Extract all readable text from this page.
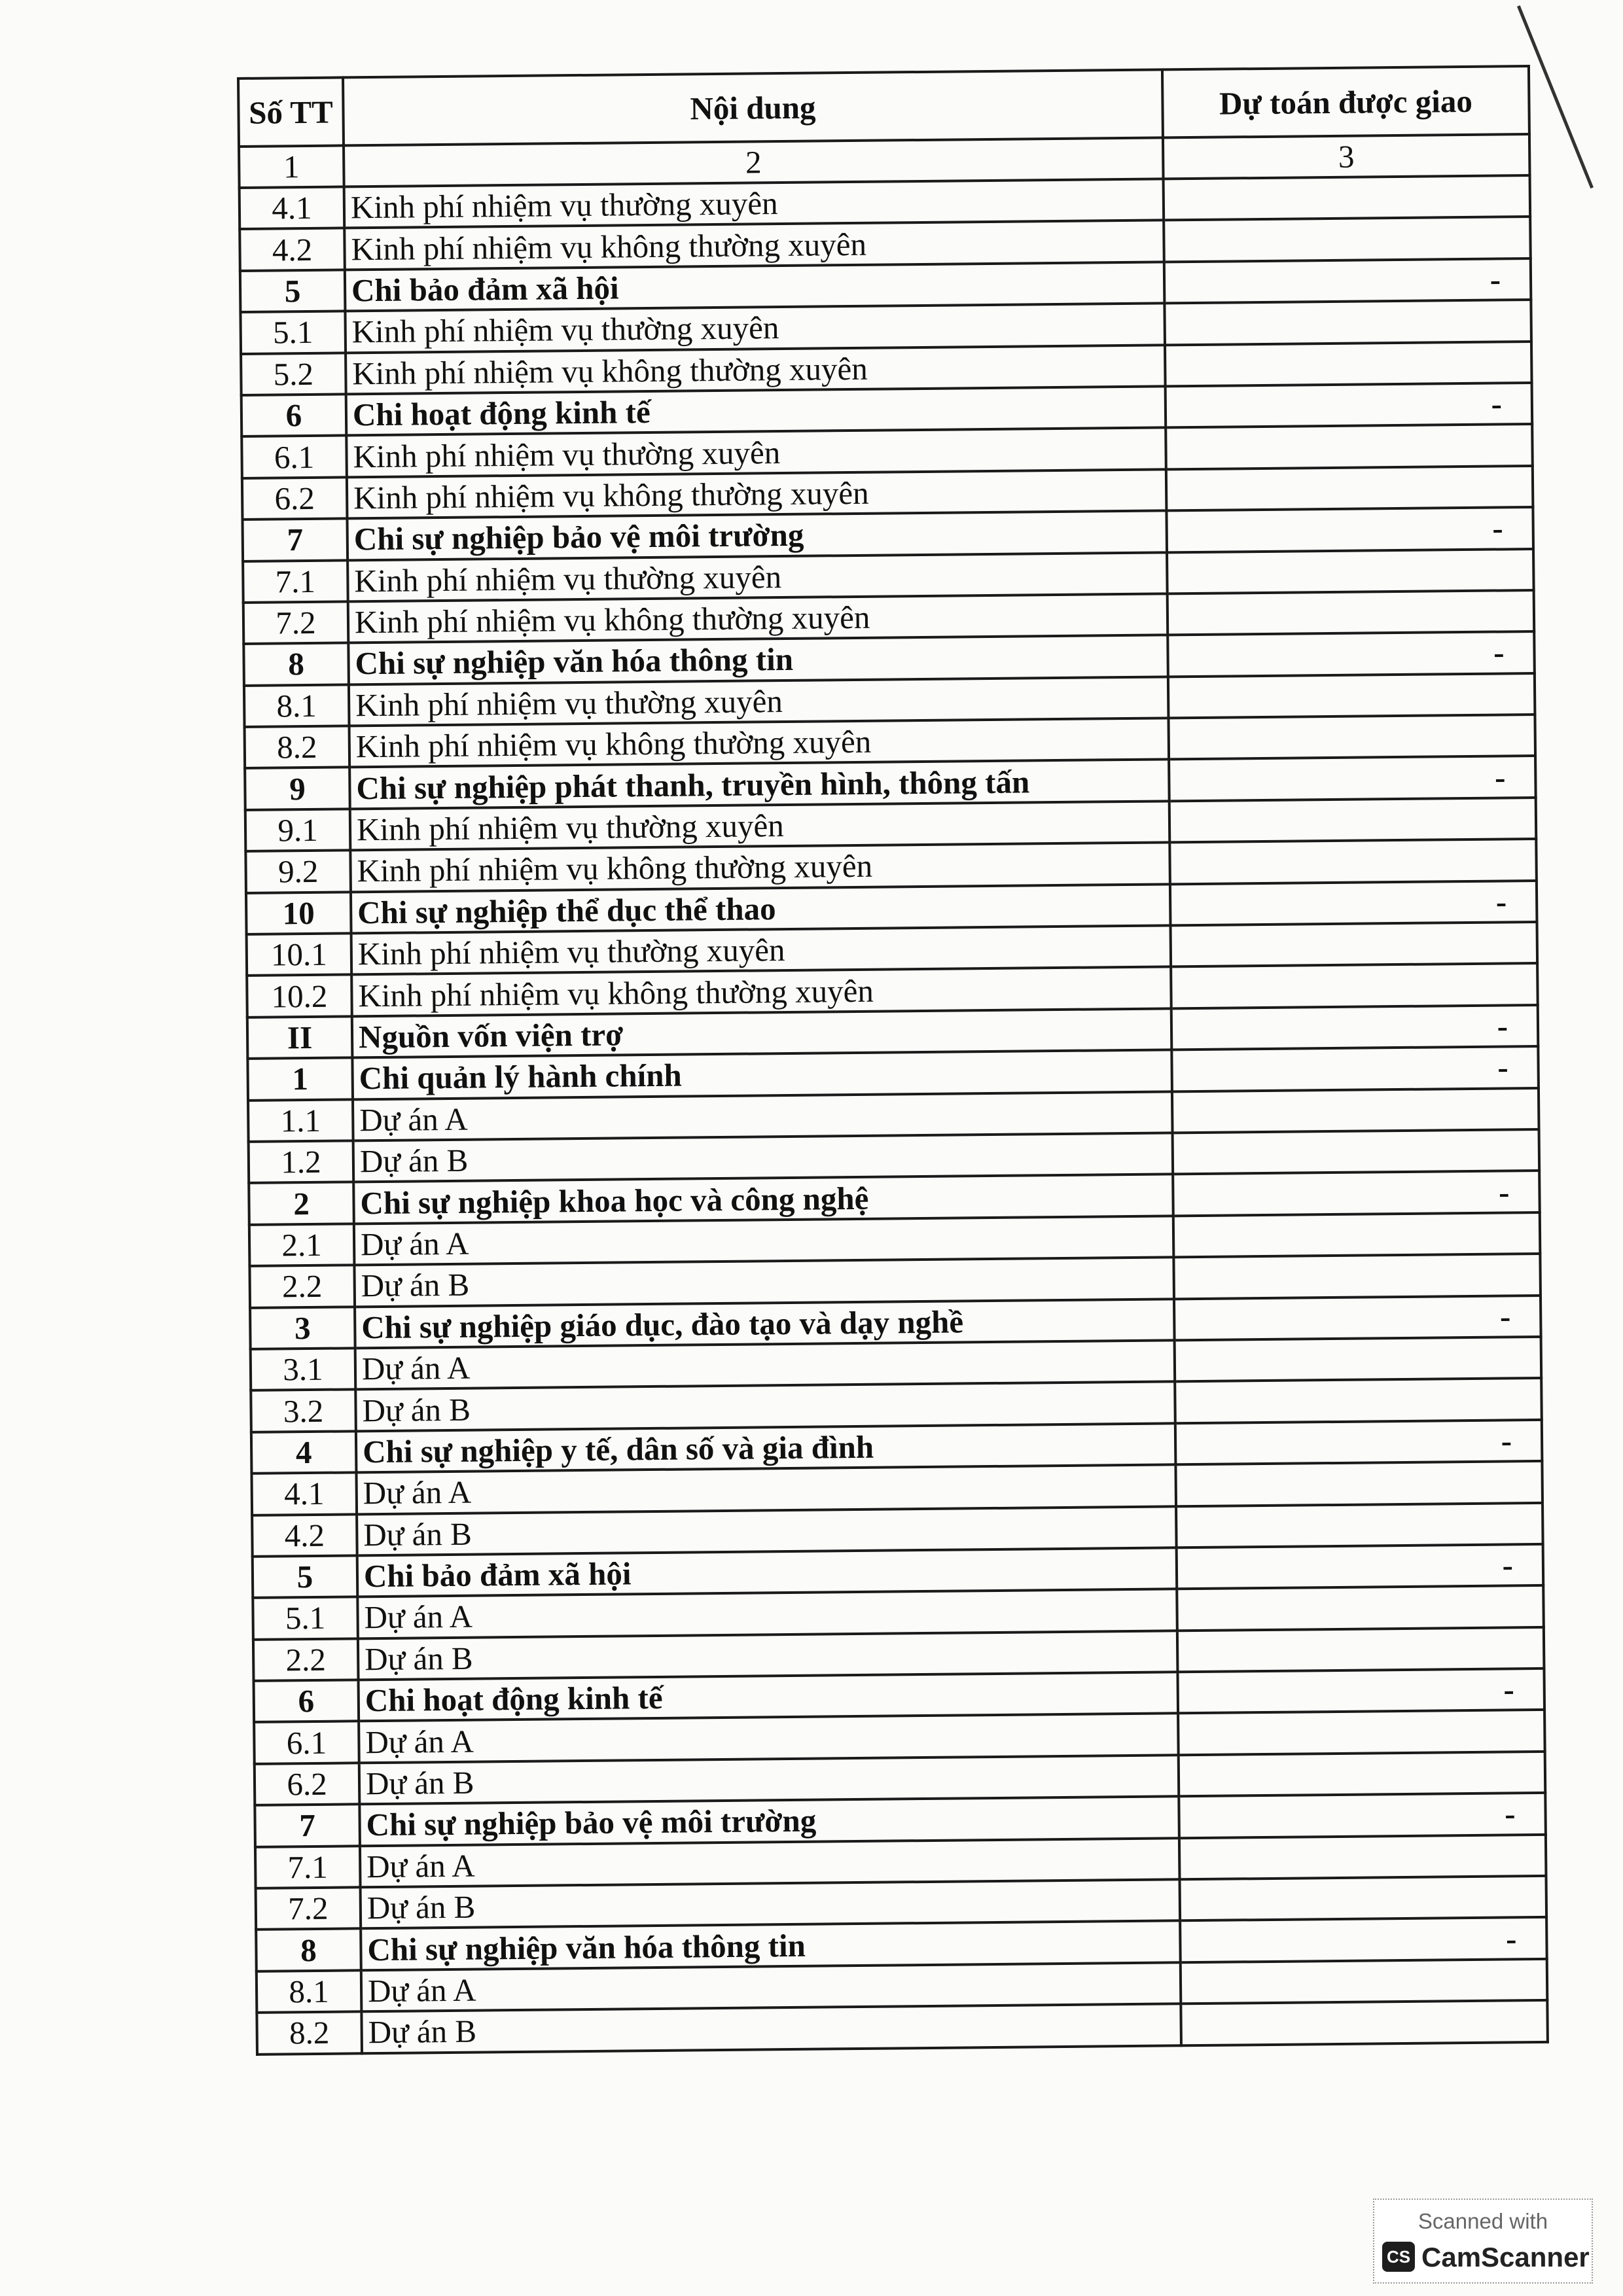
Số TT	Nội dung	Dự toán được giao
1	2	3
4.1	Kinh phí nhiệm vụ thường xuyên	
4.2	Kinh phí nhiệm vụ không thường xuyên	
5	Chi bảo đảm xã hội	-
5.1	Kinh phí nhiệm vụ thường xuyên	
5.2	Kinh phí nhiệm vụ không thường xuyên	
6	Chi hoạt động kinh tế	-
6.1	Kinh phí nhiệm vụ thường xuyên	
6.2	Kinh phí nhiệm vụ không thường xuyên	
7	Chi sự nghiệp bảo vệ môi trường	-
7.1	Kinh phí nhiệm vụ thường xuyên	
7.2	Kinh phí nhiệm vụ không thường xuyên	
8	Chi sự nghiệp văn hóa thông tin	-
8.1	Kinh phí nhiệm vụ thường xuyên	
8.2	Kinh phí nhiệm vụ không thường xuyên	
9	Chi sự nghiệp phát thanh, truyền hình, thông tấn	-
9.1	Kinh phí nhiệm vụ thường xuyên	
9.2	Kinh phí nhiệm vụ không thường xuyên	
10	Chi sự nghiệp thể dục thể thao	-
10.1	Kinh phí nhiệm vụ thường xuyên	
10.2	Kinh phí nhiệm vụ không thường xuyên	
II	Nguồn vốn viện trợ	-
1	Chi quản lý hành chính	-
1.1	Dự án A	
1.2	Dự án B	
2	Chi sự nghiệp khoa học và công nghệ	-
2.1	Dự án A	
2.2	Dự án B	
3	Chi sự nghiệp giáo dục, đào tạo và dạy nghề	-
3.1	Dự án A	
3.2	Dự án B	
4	Chi sự nghiệp y tế, dân số và gia đình	-
4.1	Dự án A	
4.2	Dự án B	
5	Chi bảo đảm xã hội	-
5.1	Dự án A	
2.2	Dự án B	
6	Chi hoạt động kinh tế	-
6.1	Dự án A	
6.2	Dự án B	
7	Chi sự nghiệp bảo vệ môi trường	-
7.1	Dự án A	
7.2	Dự án B	
8	Chi sự nghiệp văn hóa thông tin	-
8.1	Dự án A	
8.2	Dự án B	
Scanned with
CS CamScanner
